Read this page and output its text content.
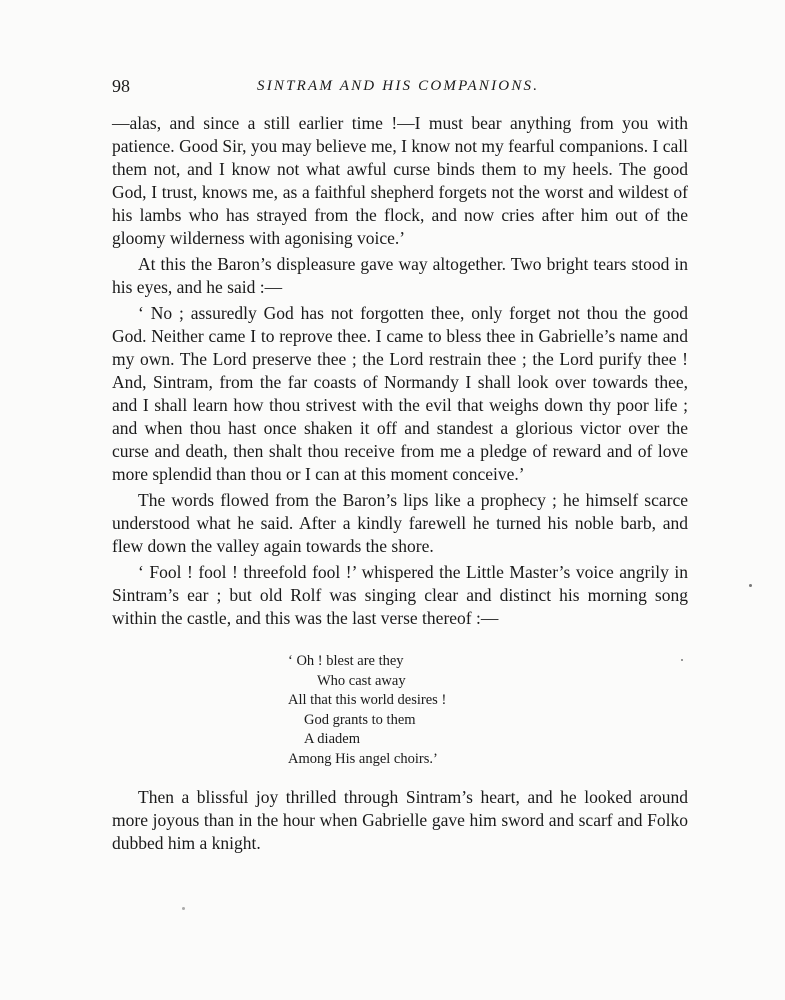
98	SINTRAM AND HIS COMPANIONS.

—alas, and since a still earlier time !—I must bear anything from you with patience. Good Sir, you may believe me, I know not my fearful companions. I call them not, and I know not what awful curse binds them to my heels. The good God, I trust, knows me, as a faithful shepherd forgets not the worst and wildest of his lambs who has strayed from the flock, and now cries after him out of the gloomy wilderness with agonising voice.’

At this the Baron’s displeasure gave way altogether. Two bright tears stood in his eyes, and he said :—

‘ No ; assuredly God has not forgotten thee, only forget not thou the good God. Neither came I to reprove thee. I came to bless thee in Gabrielle’s name and my own. The Lord preserve thee ; the Lord restrain thee ; the Lord purify thee ! And, Sintram, from the far coasts of Normandy I shall look over towards thee, and I shall learn how thou strivest with the evil that weighs down thy poor life ; and when thou hast once shaken it off and standest a glorious victor over the curse and death, then shalt thou receive from me a pledge of reward and of love more splendid than thou or I can at this moment conceive.’

The words flowed from the Baron’s lips like a prophecy ; he himself scarce understood what he said. After a kindly farewell he turned his noble barb, and flew down the valley again towards the shore.

‘ Fool ! fool ! threefold fool !’ whispered the Little Master’s voice angrily in Sintram’s ear ; but old Rolf was singing clear and distinct his morning song within the castle, and this was the last verse thereof :—

‘ Oh ! blest are they
Who cast away
All that this world desires !
God grants to them
A diadem
Among His angel choirs.’

Then a blissful joy thrilled through Sintram’s heart, and he looked around more joyous than in the hour when Gabrielle gave him sword and scarf and Folko dubbed him a knight.
